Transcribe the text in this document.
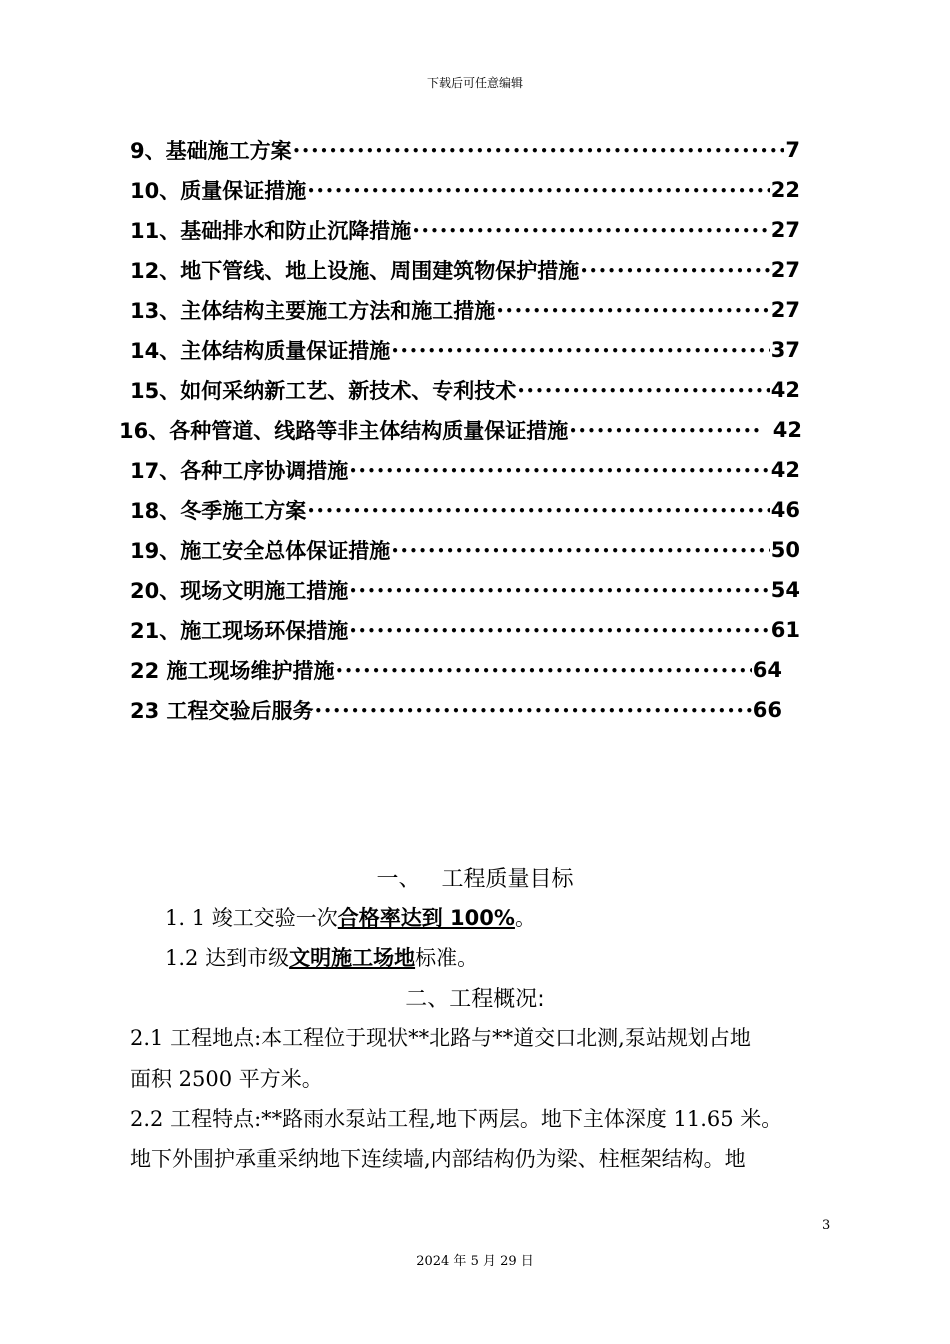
下载后可任意编辑
9、基础施工方案 •••••	7
10、质量保证措施 •••••	22
11、基础排水和防止沉降措施 •••••	27
12、地下管线、地上设施、周围建筑物保护措施 •••••	27
13、主体结构主要施工方法和施工措施 •••••	27
14、主体结构质量保证措施 •••••	37
15、如何采纳新工艺、新技术、专利技术 •••••	42
16、各种管道、线路等非主体结构质量保证措施 •••••	42
17、各种工序协调措施 •••••	42
18、冬季施工方案 •••••	46
19、施工安全总体保证措施 •••••	50
20、现场文明施工措施 •••••	54
21、施工现场环保措施 •••••	61
22 施工现场维护措施 •••••	64
23 工程交验后服务 •••••	66
一、   工程质量目标
1. 1 竣工交验一次合格率达到 100%。
1.2 达到市级文明施工场地标准。
二、工程概况:
2.1 工程地点:本工程位于现状**北路与**道交口北测,泵站规划占地
面积 2500 平方米。
2.2 工程特点:**路雨水泵站工程,地下两层。地下主体深度 11.65 米。
地下外围护承重采纳地下连续墙,内部结构仍为梁、柱框架结构。地
3
2024 年 5 月 29 日
